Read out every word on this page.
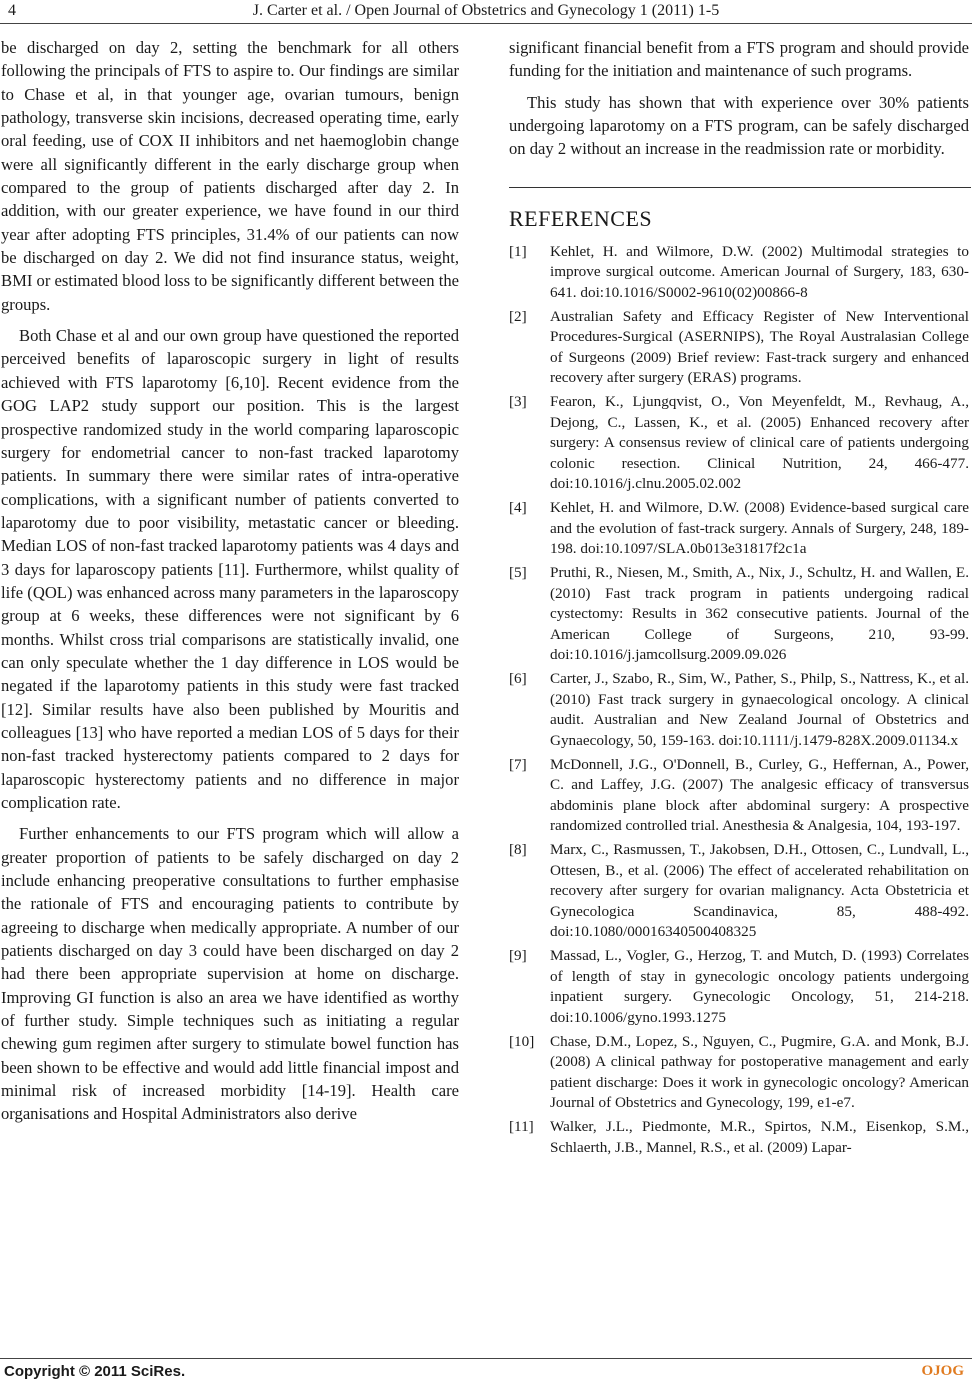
4	J. Carter et al. / Open Journal of Obstetrics and Gynecology 1 (2011) 1-5

be discharged on day 2, setting the benchmark for all others following the principals of FTS to aspire to. Our findings are similar to Chase et al, in that younger age, ovarian tumours, benign pathology, transverse skin incisions, decreased operating time, early oral feeding, use of COX II inhibitors and net haemoglobin change were all significantly different in the early discharge group when compared to the group of patients discharged after day 2. In addition, with our greater experience, we have found in our third year after adopting FTS principles, 31.4% of our patients can now be discharged on day 2. We did not find insurance status, weight, BMI or estimated blood loss to be significantly different between the groups.

Both Chase et al and our own group have questioned the reported perceived benefits of laparoscopic surgery in light of results achieved with FTS laparotomy [6,10]. Recent evidence from the GOG LAP2 study support our position. This is the largest prospective randomized study in the world comparing laparoscopic surgery for endometrial cancer to non-fast tracked laparotomy patients. In summary there were similar rates of intra-operative complications, with a significant number of patients converted to laparotomy due to poor visibility, metastatic cancer or bleeding. Median LOS of non-fast tracked laparotomy patients was 4 days and 3 days for laparoscopy patients [11]. Furthermore, whilst quality of life (QOL) was enhanced across many parameters in the laparoscopy group at 6 weeks, these differences were not significant by 6 months. Whilst cross trial comparisons are statistically invalid, one can only speculate whether the 1 day difference in LOS would be negated if the laparotomy patients in this study were fast tracked [12]. Similar results have also been published by Mouritis and colleagues [13] who have reported a median LOS of 5 days for their non-fast tracked hysterectomy patients compared to 2 days for laparoscopic hysterectomy patients and no difference in major complication rate.

Further enhancements to our FTS program which will allow a greater proportion of patients to be safely discharged on day 2 include enhancing preoperative consultations to further emphasise the rationale of FTS and encouraging patients to contribute by agreeing to discharge when medically appropriate. A number of our patients discharged on day 3 could have been discharged on day 2 had there been appropriate supervision at home on discharge. Improving GI function is also an area we have identified as worthy of further study. Simple techniques such as initiating a regular chewing gum regimen after surgery to stimulate bowel function has been shown to be effective and would add little financial impost and minimal risk of increased morbidity [14-19]. Health care organisations and Hospital Administrators also derive

significant financial benefit from a FTS program and should provide funding for the initiation and maintenance of such programs.

This study has shown that with experience over 30% patients undergoing laparotomy on a FTS program, can be safely discharged on day 2 without an increase in the readmission rate or morbidity.

REFERENCES
[1]	Kehlet, H. and Wilmore, D.W. (2002) Multimodal strategies to improve surgical outcome. American Journal of Surgery, 183, 630-641. doi:10.1016/S0002-9610(02)00866-8
[2]	Australian Safety and Efficacy Register of New Interventional Procedures-Surgical (ASERNIPS), The Royal Australasian College of Surgeons (2009) Brief review: Fast-track surgery and enhanced recovery after surgery (ERAS) programs.
[3]	Fearon, K., Ljungqvist, O., Von Meyenfeldt, M., Revhaug, A., Dejong, C., Lassen, K., et al. (2005) Enhanced recovery after surgery: A consensus review of clinical care of patients undergoing colonic resection. Clinical Nutrition, 24, 466-477. doi:10.1016/j.clnu.2005.02.002
[4]	Kehlet, H. and Wilmore, D.W. (2008) Evidence-based surgical care and the evolution of fast-track surgery. Annals of Surgery, 248, 189-198. doi:10.1097/SLA.0b013e31817f2c1a
[5]	Pruthi, R., Niesen, M., Smith, A., Nix, J., Schultz, H. and Wallen, E. (2010) Fast track program in patients undergoing radical cystectomy: Results in 362 consecutive patients. Journal of the American College of Surgeons, 210, 93-99. doi:10.1016/j.jamcollsurg.2009.09.026
[6]	Carter, J., Szabo, R., Sim, W., Pather, S., Philp, S., Nattress, K., et al. (2010) Fast track surgery in gynaecological oncology. A clinical audit. Australian and New Zealand Journal of Obstetrics and Gynaecology, 50, 159-163. doi:10.1111/j.1479-828X.2009.01134.x
[7]	McDonnell, J.G., O'Donnell, B., Curley, G., Heffernan, A., Power, C. and Laffey, J.G. (2007) The analgesic efficacy of transversus abdominis plane block after abdominal surgery: A prospective randomized controlled trial. Anesthesia & Analgesia, 104, 193-197.
[8]	Marx, C., Rasmussen, T., Jakobsen, D.H., Ottosen, C., Lundvall, L., Ottesen, B., et al. (2006) The effect of accelerated rehabilitation on recovery after surgery for ovarian malignancy. Acta Obstetricia et Gynecologica Scandinavica, 85, 488-492. doi:10.1080/00016340500408325
[9]	Massad, L., Vogler, G., Herzog, T. and Mutch, D. (1993) Correlates of length of stay in gynecologic oncology patients undergoing inpatient surgery. Gynecologic Oncology, 51, 214-218. doi:10.1006/gyno.1993.1275
[10]	Chase, D.M., Lopez, S., Nguyen, C., Pugmire, G.A. and Monk, B.J. (2008) A clinical pathway for postoperative management and early patient discharge: Does it work in gynecologic oncology? American Journal of Obstetrics and Gynecology, 199, e1-e7.
[11]	Walker, J.L., Piedmonte, M.R., Spirtos, N.M., Eisenkop, S.M., Schlaerth, J.B., Mannel, R.S., et al. (2009) Lapar-
Copyright © 2011 SciRes.	OJOG
